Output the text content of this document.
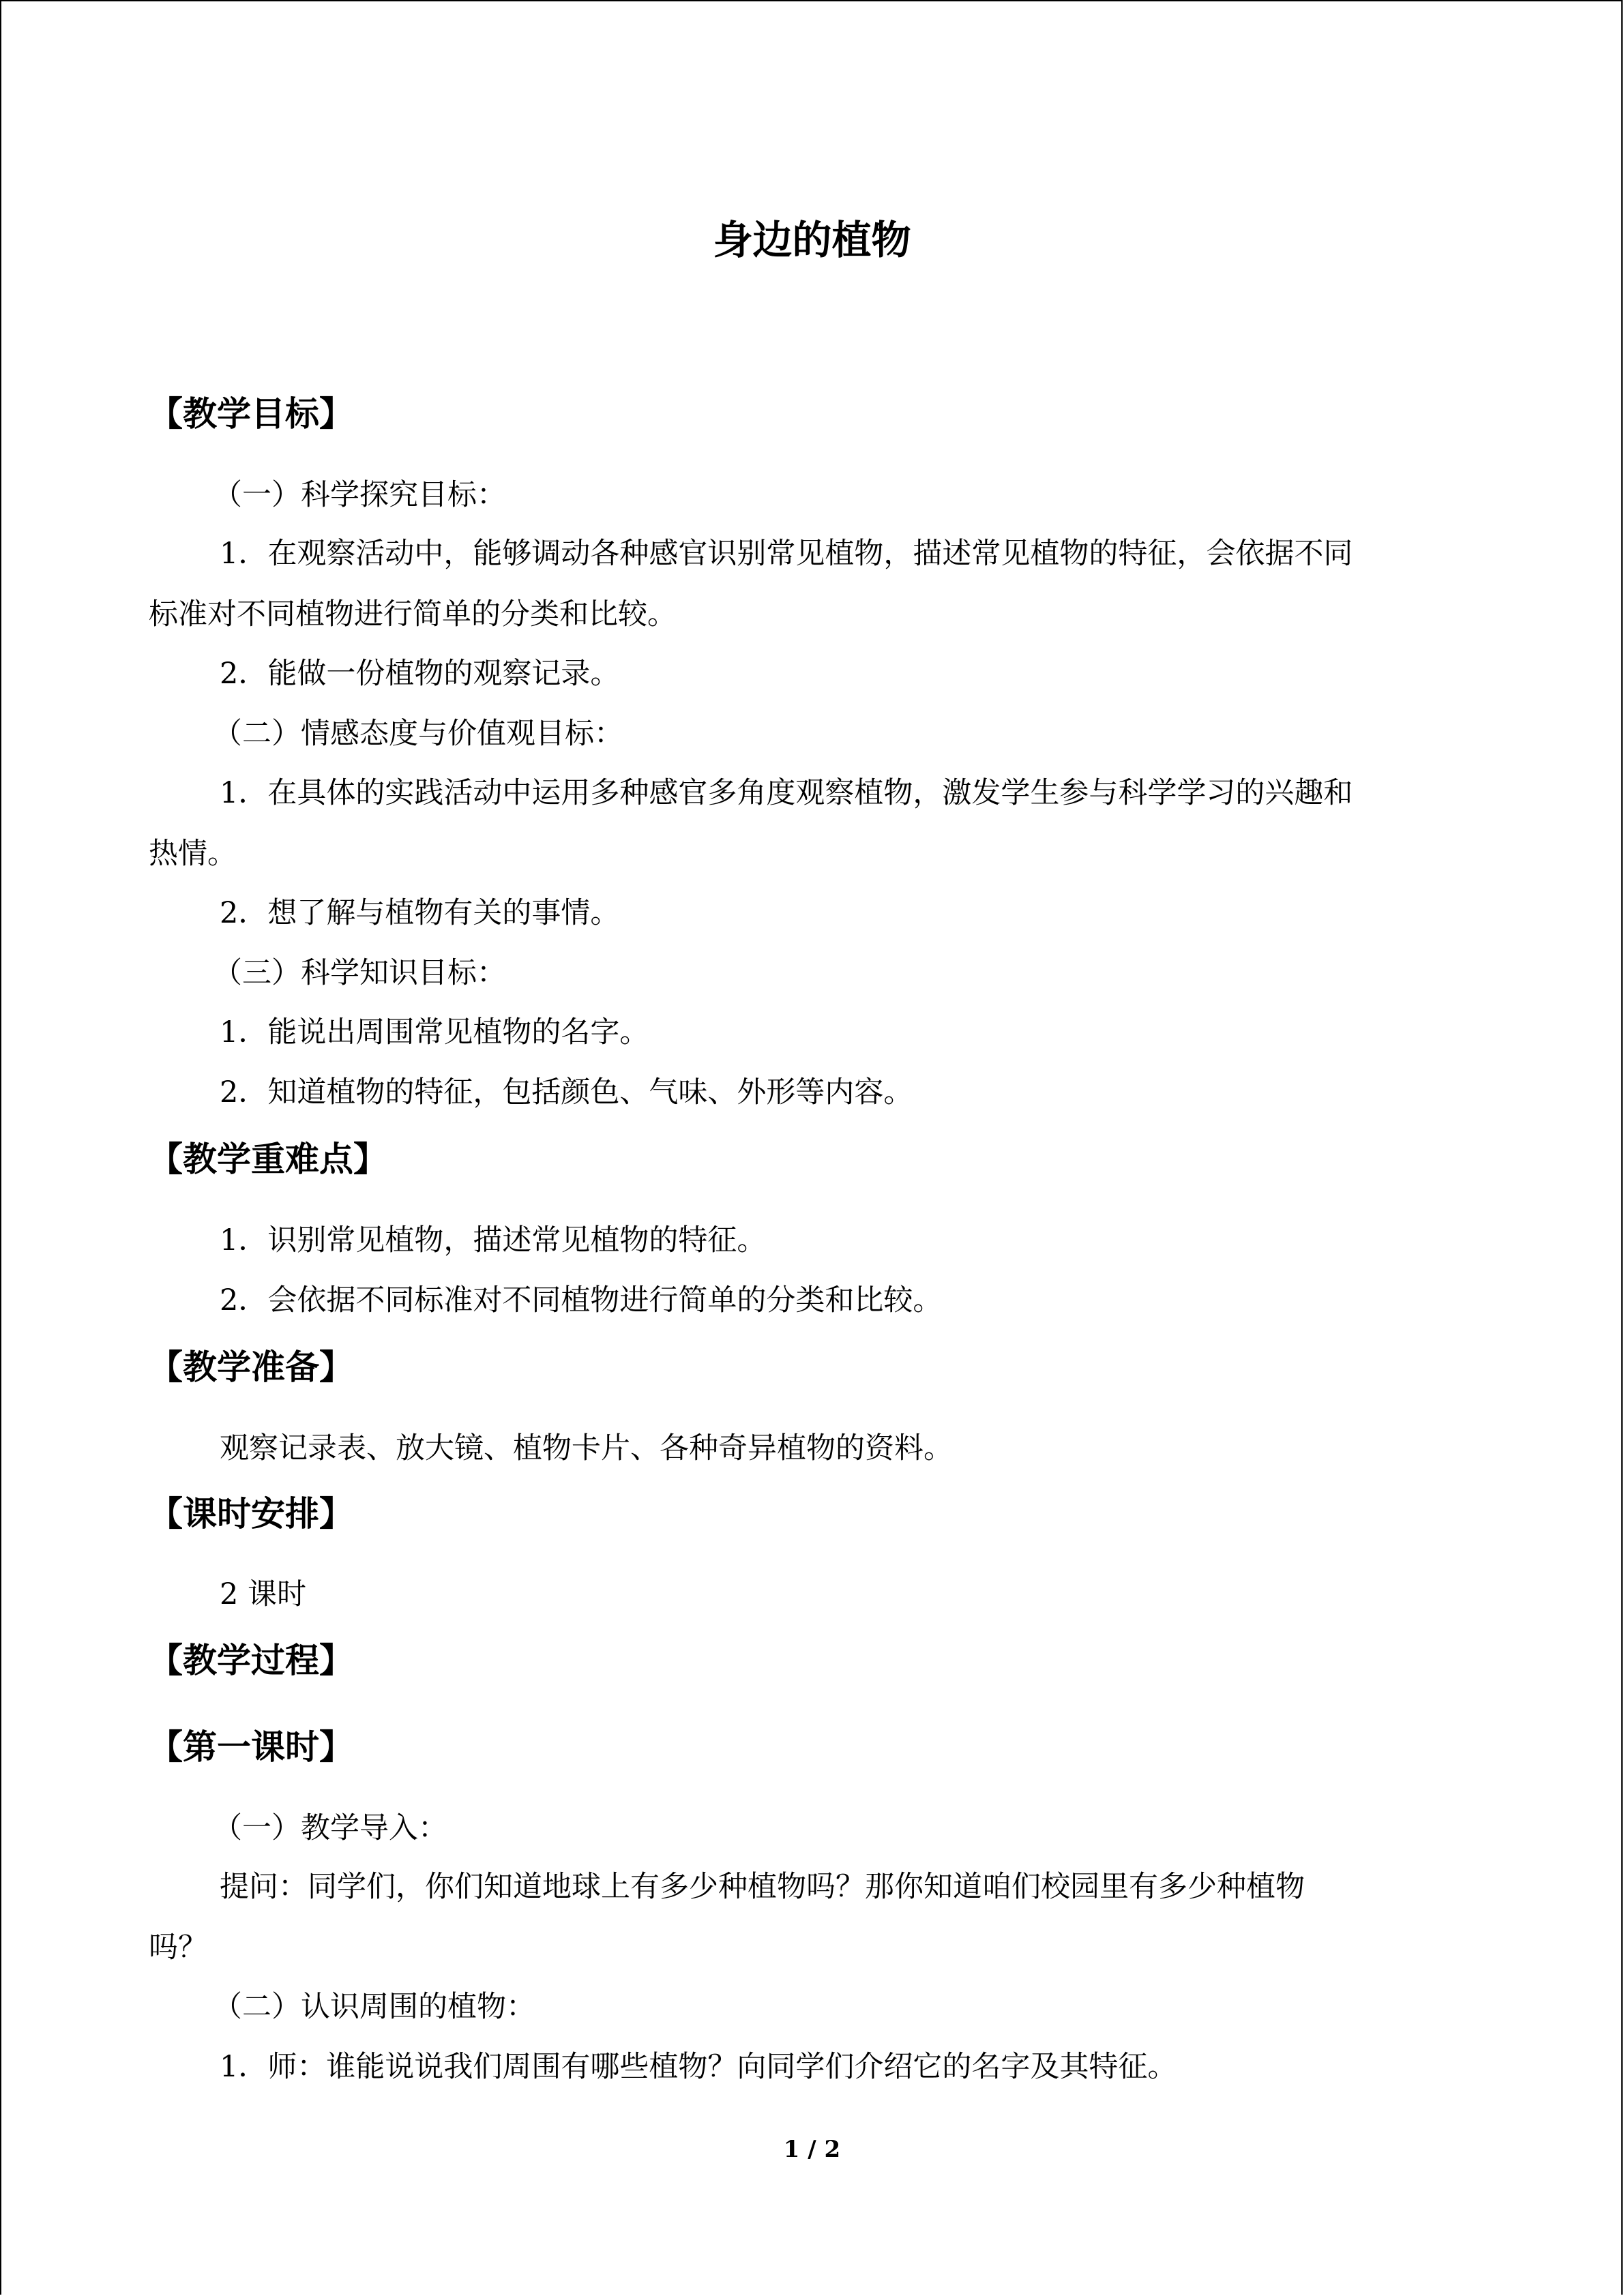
身边的植物
【教学目标】

（一）科学探究目标：

1．在观察活动中，能够调动各种感官识别常见植物，描述常见植物的特征，会依据不同

标准对不同植物进行简单的分类和比较。

2．能做一份植物的观察记录。

（二）情感态度与价值观目标：

1．在具体的实践活动中运用多种感官多角度观察植物，激发学生参与科学学习的兴趣和

热情。

2．想了解与植物有关的事情。

（三）科学知识目标：

1．能说出周围常见植物的名字。

2．知道植物的特征，包括颜色、气味、外形等内容。

【教学重难点】

1．识别常见植物，描述常见植物的特征。

2．会依据不同标准对不同植物进行简单的分类和比较。

【教学准备】

观察记录表、放大镜、植物卡片、各种奇异植物的资料。

【课时安排】

2 课时

【教学过程】
【第一课时】

（一）教学导入：

提问：同学们，你们知道地球上有多少种植物吗？那你知道咱们校园里有多少种植物

吗？

（二）认识周围的植物：

1．师：谁能说说我们周围有哪些植物？向同学们介绍它的名字及其特征。

1 / 2
